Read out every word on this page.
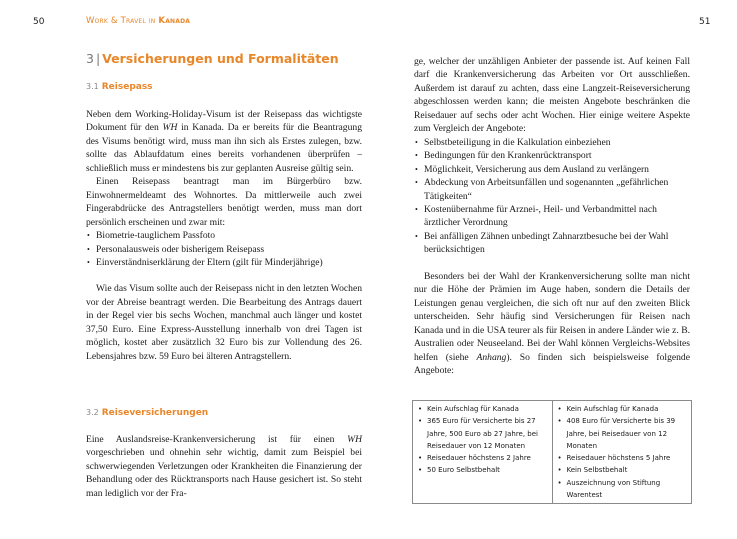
50	Work & Travel in Kanada
3 | Versicherungen und Formalitäten
3.1 Reisepass

Neben dem Working-Holiday-Visum ist der Reisepass das wichtigste Dokument für den WH in Kanada. Da er bereits für die Beantragung des Visums benötigt wird, muss man ihn sich als Erstes zulegen, bzw. sollte das Ablaufdatum eines bereits vorhandenen überprüfen – schließlich muss er mindestens bis zur geplanten Ausreise gültig sein.

Einen Reisepass beantragt man im Bürgerbüro bzw. Einwohnermeldeamt des Wohnortes. Da mittlerweile auch zwei Fingerabdrücke des Antragstellers benötigt werden, muss man dort persönlich erscheinen und zwar mit:

• Biometrie-tauglichem Passfoto
• Personalausweis oder bisherigem Reisepass
• Einverständniserklärung der Eltern (gilt für Minderjährige)

Wie das Visum sollte auch der Reisepass nicht in den letzten Wochen vor der Abreise beantragt werden. Die Bearbeitung des Antrags dauert in der Regel vier bis sechs Wochen, manchmal auch länger und kostet 37,50 Euro. Eine Express-Ausstellung innerhalb von drei Tagen ist möglich, kostet aber zusätzlich 32 Euro bis zur Vollendung des 26. Lebensjahres bzw. 59 Euro bei älteren Antragstellern.

3.2 Reiseversicherungen

Eine Auslandsreise-Krankenversicherung ist für einen WH vorgeschrieben und ohnehin sehr wichtig, damit zum Beispiel bei schwerwiegenden Verletzungen oder Krankheiten die Finanzierung der Behandlung oder des Rücktransports nach Hause gesichert ist. So steht man lediglich vor der Fra-

51

ge, welcher der unzähligen Anbieter der passende ist. Auf keinen Fall darf die Krankenversicherung das Arbeiten vor Ort ausschließen. Außerdem ist darauf zu achten, dass eine Langzeit-Reiseversicherung abgeschlossen werden kann; die meisten Angebote beschränken die Reisedauer auf sechs oder acht Wochen. Hier einige weitere Aspekte zum Vergleich der Angebote:

• Selbstbeteiligung in die Kalkulation einbeziehen
• Bedingungen für den Krankenrücktransport
• Möglichkeit, Versicherung aus dem Ausland zu verlängern
• Abdeckung von Arbeitsunfällen und sogenannten „gefährlichen Tätigkeiten“
• Kostenübernahme für Arznei-, Heil- und Verbandmittel nach ärztlicher Verordnung
• Bei anfälligen Zähnen unbedingt Zahnarztbesuche bei der Wahl berücksichtigen

Besonders bei der Wahl der Krankenversicherung sollte man nicht nur die Höhe der Prämien im Auge haben, sondern die Details der Leistungen genau vergleichen, die sich oft nur auf den zweiten Blick unterscheiden. Sehr häufig sind Versicherungen für Reisen nach Kanada und in die USA teurer als für Reisen in andere Länder wie z. B. Australien oder Neuseeland. Bei der Wahl können Vergleichs-Websites helfen (siehe Anhang). So finden sich beispielsweise folgende Angebote:

• Kein Aufschlag für Kanada
• 365 Euro für Versicherte bis 27 Jahre, 500 Euro ab 27 Jahre, bei Reisedauer von 12 Monaten
• Reisedauer höchstens 2 Jahre
• 50 Euro Selbstbehalt

• Kein Aufschlag für Kanada
• 408 Euro für Versicherte bis 39 Jahre, bei Reisedauer von 12 Monaten
• Reisedauer höchstens 5 Jahre
• Kein Selbstbehalt
• Auszeichnung von Stiftung Warentest
